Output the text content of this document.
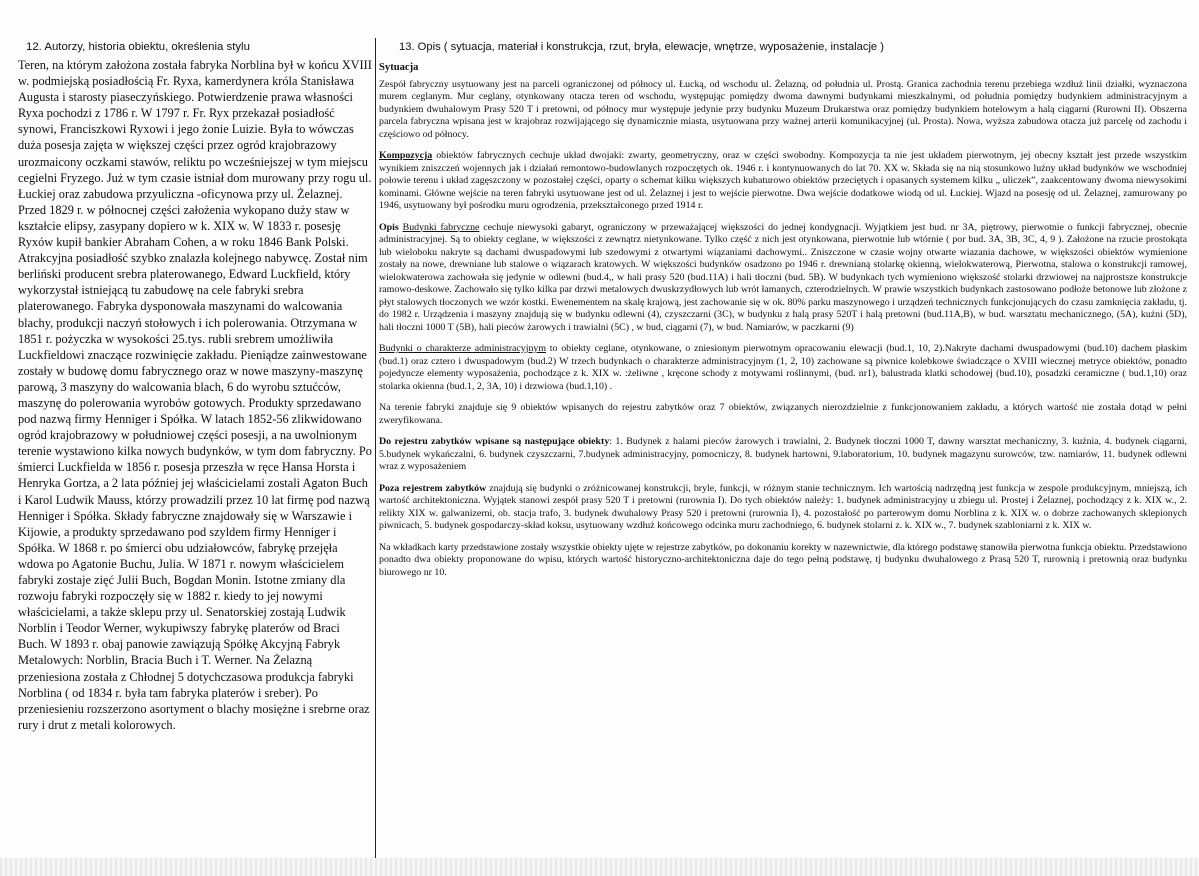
12. Autorzy, historia obiektu, określenia stylu

Teren, na którym założona została fabryka Norblina był w końcu XVIII w. podmiejską posiadłością Fr. Ryxa, kamerdynera króla Stanisława Augusta i starosty piaseczyńskiego. Potwierdzenie prawa własności Ryxa pochodzi z 1786 r. W 1797 r. Fr. Ryx przekazał posiadłość synowi, Franciszkowi Ryxowi i jego żonie Luizie. Była to wówczas duża posesja zajęta w większej części przez ogród krajobrazowy urozmaicony oczkami stawów, reliktu po wcześniejszej w tym miejscu cegielni Fryzego. Już w tym czasie istniał dom murowany przy rogu ul. Łuckiej oraz zabudowa przyuliczna -oficynowa przy ul. Żelaznej. Przed 1829 r. w północnej części założenia wykopano duży staw w kształcie elipsy, zasypany dopiero w k. XIX w. W 1833 r. posesję Ryxów kupił bankier Abraham Cohen, a w roku 1846 Bank Polski. Atrakcyjna posiadłość szybko znalazła kolejnego nabywcę. Został nim berliński producent srebra platerowanego, Edward Luckfield, który wykorzystał istniejącą tu zabudowę na cele fabryki srebra platerowanego. Fabryka dysponowała maszynami do walcowania blachy, produkcji naczyń stołowych i ich polerowania. Otrzymana w 1851 r. pożyczka w wysokości 25.tys. rubli srebrem umożliwiła Luckfieldowi znaczące rozwinięcie zakładu. Pieniądze zainwestowane zostały w budowę domu fabrycznego oraz w nowe maszyny-maszynę parową, 3 maszyny do walcowania blach, 6 do wyrobu sztućców, maszynę do polerowania wyrobów gotowych. Produkty sprzedawano pod nazwą firmy Henniger i Spółka. W latach 1852-56 zlikwidowano ogród krajobrazowy w południowej części posesji, a na uwolnionym terenie wystawiono kilka nowych budynków, w tym dom fabryczny. Po śmierci Luckfielda w 1856 r. posesja przeszła w ręce Hansa Horsta i Henryka Gortza, a 2 lata później jej właścicielami zostali Agaton Buch i Karol Ludwik Mauss, którzy prowadzili przez 10 lat firmę pod nazwą Henniger i Spółka. Składy fabryczne znajdowały się w Warszawie i Kijowie, a produkty sprzedawano pod szyldem firmy Henniger i Spółka. W 1868 r. po śmierci obu udziałowców, fabrykę przejęła wdowa po Agatonie Buchu, Julia. W 1871 r. nowym właścicielem fabryki zostaje zięć Julii Buch, Bogdan Monin. Istotne zmiany dla rozwoju fabryki rozpoczęły się w 1882 r. kiedy to jej nowymi właścicielami, a także sklepu przy ul. Senatorskiej zostają Ludwik Norblin i Teodor Werner, wykupiwszy fabrykę platerów od Braci Buch. W 1893 r. obaj panowie zawiązują Spółkę Akcyjną Fabryk Metalowych: Norblin, Bracia Buch i T. Werner. Na Żelazną przeniesiona została z Chłodnej 5 dotychczasowa produkcja fabryki Norblina ( od 1834 r. była tam fabryka platerów i sreber). Po przeniesieniu rozszerzono asortyment o blachy mosiężne i srebrne oraz rury i drut z metali kolorowych.

13. Opis ( sytuacja, materiał i konstrukcja, rzut, bryła, elewacje, wnętrze, wyposażenie, instalacje )
Sytuacja

Zespół fabryczny usytuowany jest na parceli ograniczonej od północy ul. Łucką, od wschodu ul. Żelazną, od południa ul. Prostą. Granica zachodnia terenu przebiega wzdłuż linii działki, wyznaczona murem ceglanym. Mur ceglany, otynkowany otacza teren od wschodu, występując pomiędzy dwoma dawnymi budynkami mieszkalnymi, od południa pomiędzy budynkiem administracyjnym a budynkiem dwuhalowym Prasy 520 T i pretowni, od północy mur występuje jedynie przy budynku Muzeum Drukarstwa oraz pomiędzy budynkiem hotelowym a halą ciągarni (Rurowni II). Obszerna parcela fabryczna wpisana jest w krajobraz rozwijającego się dynamicznie miasta, usytuowana przy ważnej arterii komunikacyjnej (ul. Prosta). Nowa, wyższa zabudowa otacza już parcelę od zachodu i częściowo od północy.

Kompozycja obiektów fabrycznych cechuje układ dwojaki: zwarty, geometryczny, oraz w części swobodny. Kompozycja ta nie jest układem pierwotnym, jej obecny kształt jest przede wszystkim wynikiem zniszczeń wojennych jak i działań remontowo-budowlanych rozpoczętych ok. 1946 r. i kontynuowanych do lat 70. XX w. Składa się na nią stosunkowo luźny układ budynków we wschodniej połowie terenu i układ zagęszczony w pozostałej części, oparty o schemat kilku większych kubaturowo obiektów przeciętych i opasanych systemem kilku „ uliczek”, zaakcentowany dwoma niewysokimi kominami. Główne wejście na teren fabryki usytuowane jest od ul. Żelaznej i jest to wejście pierwotne. Dwa wejście dodatkowe wiodą od ul. Łuckiej. Wjazd na posesję od ul. Żelaznej, zamurowany po 1946, usytuowany był pośrodku muru ogrodzenia, przekształconego przed 1914 r.

Opis Budynki fabryczne cechuje niewysoki gabaryt, ograniczony w przeważającej większości do jednej kondygnacji. Wyjątkiem jest bud. nr 3A, piętrowy, pierwotnie o funkcji fabrycznej, obecnie administracyjnej. Są to obiekty ceglane, w większości z zewnątrz nietynkowane. Tylko część z nich jest otynkowana, pierwotnie lub wtórnie ( por bud. 3A, 3B, 3C, 4, 9 ). Założone na rzucie prostokąta lub wieloboku nakryte są dachami dwuspadowymi lub szedowymi z otwartymi wiązaniami dachowymi.. Zniszczone w czasie wojny otwarte wiazania dachowe, w większości obiektów wymienione zostały na nowe, drewniane lub stalowe o wiązarach kratowych. W większości budynków osadzono po 1946 r. drewnianą stolarkę okienną, wielokwaterową, Pierwotna, stalowa o konstrukcji ramowej, wielokwaterowa zachowała się jedynie w odlewni (bud.4,, w hali prasy 520 (bud.11A) i hali tłoczni (bud. 5B). W budynkach tych wymieniono większość stolarki drzwiowej na najprostsze konstrukcje ramowo-deskowe. Zachowało się tylko kilka par drzwi metalowych dwuskrzydłowych lub wrót łamanych, czterodzielnych. W prawie wszystkich budynkach zastosowano podłoże betonowe lub złożone z płyt stalowych tłoczonych we wzór kostki. Ewenementem na skalę krajową, jest zachowanie się w ok. 80% parku maszynowego i urządzeń technicznych funkcjonujących do czasu zamknięcia zakładu, tj. do 1982 r. Urządzenia i maszyny znajdują się w budynku odlewni (4), czyszczarni (3C), w budynku z halą prasy 520T i halą pretowni (bud.11A,B), w bud. warsztatu mechanicznego, (5A), kuźni (5D), hali tłoczni 1000 T (5B), hali pieców żarowych i trawialni (5C) , w bud, ciągarni (7), w bud. Namiarów, w paczkarni (9)

Budynki o charakterze administracyjnym to obiekty ceglane, otynkowane, o zniesionym pierwotnym opracowaniu elewacji (bud.1, 10, 2).Nakryte dachami dwuspadowymi (bud.10) dachem płaskim (bud.1) oraz cztero i dwuspadowym (bud.2) W trzech budynkach o charakterze administracyjnym (1, 2, 10) zachowane są piwnice kolebkowe świadczące o XVIII wiecznej metryce obiektów, ponadto pojedyncze elementy wyposażenia, pochodzące z k. XIX w. :żeliwne , kręcone schody z motywami roślinnymi, (bud. nr1), balustrada klatki schodowej (bud.10), posadzki ceramiczne ( bud.1,10) oraz stolarka okienna (bud.1, 2, 3A, 10) i drzwiowa (bud.1,10) .

Na terenie fabryki znajduje się 9 obiektów wpisanych do rejestru zabytków oraz 7 obiektów, związanych nierozdzielnie z funkcjonowaniem zakładu, a których wartość nie została dotąd w pełni zweryfikowana.

Do rejestru zabytków wpisane są następujące obiekty: 1. Budynek z halami pieców żarowych i trawialni, 2. Budynek tłoczni 1000 T, dawny warsztat mechaniczny, 3. kuźnia, 4. budynek ciągarni, 5.budynek wykańczalni, 6. budynek czyszczarni, 7.budynek administracyjny, pomocniczy, 8. budynek hartowni, 9.laboratorium, 10. budynek magazynu surowców, tzw. namiarów, 11. budynek odlewni wraz z wyposażeniem

Poza rejestrem zabytków znajdują się budynki o zróżnicowanej konstrukcji, bryle, funkcji, w różnym stanie technicznym. Ich wartością nadrzędną jest funkcja w zespole produkcyjnym, mniejszą, ich wartość architektoniczna. Wyjątek stanowi zespół prasy 520 T i pretowni (rurownia I). Do tych obiektów należy: 1. budynek administracyjny u zbiegu ul. Prostej i Żelaznej, pochodzący z k. XIX w., 2. relikty XIX w. galwanizerni, ob. stacja trafo, 3. budynek dwuhalowy Prasy 520 i pretowni (rurownia I), 4. pozostałość po parterowym domu Norblina z k. XIX w. o dobrze zachowanych sklepionych piwnicach, 5. budynek gospodarczy-skład koksu, usytuowany wzdłuż końcowego odcinka muru zachodniego, 6. budynek stolarni z. k. XIX w., 7. budynek szabloniarni z k. XIX w.

Na wkładkach karty przedstawione zostały wszystkie obiekty ujęte w rejestrze zabytków, po dokonaniu korekty w nazewnictwie, dla którego podstawę stanowiła pierwotna funkcja obiektu. Przedstawiono ponadto dwa obiekty proponowane do wpisu, których wartość historyczno-architektoniczna daje do tego pełną podstawę, tj budynku dwuhalowego z Prasą 520 T, rurownią i pretownią oraz budynku biurowego nr 10.
